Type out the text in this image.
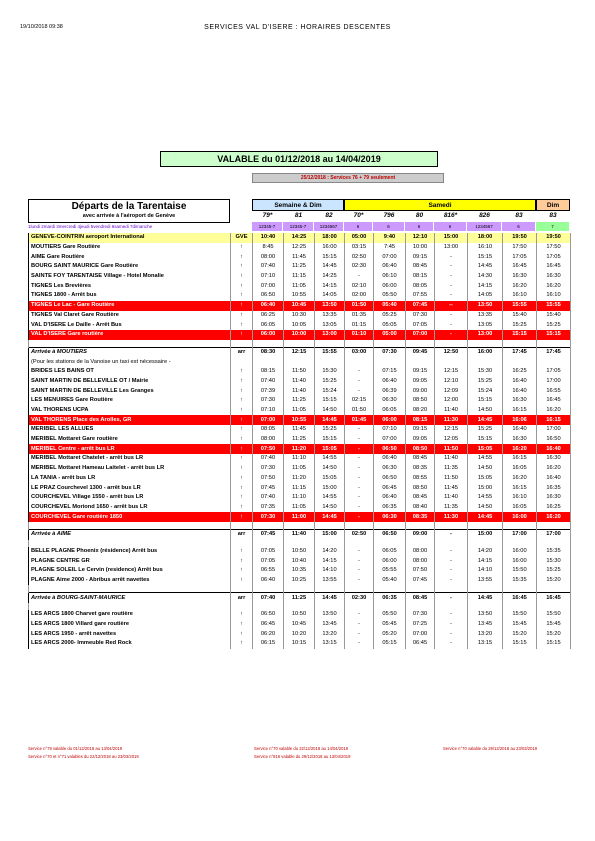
19/10/2018 09:38	SERVICES VAL D'ISERE : HORAIRES DESCENTES
VALABLE du 01/12/2018 au 14/04/2019
25/12/2018 : Services 76 + 79 seulement
Départs de la Tarentaise
avec arrivée à l'aéroport de Genève
Semaine & Dim	Samedi	Dim
1lundi 2mardi 3mercredi 4jeudi 5vendredi 6samedi 7dimanche
GENEVE-COINTRIN aeroport International	GVE	10:40	14:25	18:00	05:00	9:40	12:10	15:00	18:00	19:50	19:50
MOUTIERS Gare Routière	↑	8:45	12:25	16:00	03:15	7:45	10:00	13:00	16:10	17:50	17:50
AIME Gare Routière	↑	08:00	11:45	15:15	02:50	07:00	09:15	-	15:15	17:05	17:05
BOURG SAINT MAURICE Gare Routière	↑	07:40	11:25	14:45	02:30	06:40	08:45	-	14:45	16:45	16:45
SAINTE FOY TARENTAISE Village - Hotel Monalie	↑	07:10	11:15	14:25	-	06:10	08:15	-	14:30	16:30	16:30
TIGNES Les Brevières	↑	07:00	11:05	14:15	02:10	06:00	08:05	-	14:15	16:20	16:20
TIGNES 1800 - Arrêt bus	↑	06:50	10:55	14:05	02:00	05:50	07:55	-	14:05	16:10	16:10
TIGNES Le Lac - Gare Routière	↑	06:40	10:45	13:50	01:50	05:40	07:45	--	13:50	15:55	15:55
TIGNES Val Claret Gare Routière	↑	06:25	10:30	13:35	01:35	05:25	07:30	-	13:35	15:40	15:40
VAL D'ISERE Le Daille - Arrêt Bus	↑	06:05	10:05	13:05	01:15	05:05	07:05	-	13:05	15:25	15:25
VAL D'ISERE Gare routière	↑	06:00	10:00	13:00	01:10	05:00	07:00	-	13:00	15:15	15:15

Arrivée à MOUTIERS	arr	08:30	12:15	15:55	03:00	07:30	09:45	12:50	16:00	17:45	17:45
(Pour les stations de la Vanoise un taxi est nécessaire -											
BRIDES LES BAINS OT	↑	08:15	11:50	15:30	-	07:15	09:15	12:15	15:30	16:25	17:05
SAINT MARTIN DE BELLEVILLE OT / Mairie	↑	07:40	11:40	15:25	-	06:40	09:05	12:10	15:25	16:40	17:00
SAINT MARTIN DE BELLEVILLE Les Granges	↑	07:39	11:40	15:24	-	06:39	09:00	12:09	15:24	16:40	16:55
LES MENUIRES Gare Routière	↑	07:30	11:25	15:15	02:15	06:30	08:50	12:00	15:15	16:30	16:45
VAL THORENS UCPA	↑	07:10	11:05	14:50	01:50	06:05	08:20	11:40	14:50	16:15	16:20
VAL THORENS Place des Arolles, GR	↑	07:00	10:55	14:45	01:45	06:00	08:15	11:30	14:45	16:06	16:15
MERIBEL LES ALLUES	↑	08:05	11:45	15:25	-	07:10	09:15	12:15	15:25	16:40	17:00
MERIBEL Mottaret Gare routière	↑	08:00	11:25	15:15	-	07:00	09:05	12:05	15:15	16:30	16:50
MERIBEL Centre - arrêt bus LR	↑	07:50	11:20	15:05	-	06:50	08:50	11:50	15:05	16:20	16:40
MERIBEL Mottaret Chatelet - arrêt bus LR	↑	07:40	11:10	14:55	-	06:40	08:45	11:40	14:55	16:15	16:30
MERIBEL Mottaret Hameau Laitelet - arrêt bus LR	↑	07:30	11:05	14:50	-	06:30	08:35	11:35	14:50	16:05	16:20
LA TANIA - arrêt bus LR	↑	07:50	11:20	15:05	-	06:50	08:55	11:50	15:05	16:20	16:40
LE PRAZ Courchevel 1300 - arrêt bus LR	↑	07:45	11:15	15:00	-	06:45	08:50	11:45	15:00	16:15	16:35
COURCHEVEL Village 1550 - arrêt bus LR	↑	07:40	11:10	14:55	-	06:40	08:45	11:40	14:55	16:10	16:30
COURCHEVEL Moriond 1650 - arrêt bus LR	↑	07:35	11:05	14:50	-	06:35	08:40	11:35	14:50	16:05	16:25
COURCHEVEL Gare routière 1850	↑	07:30	11:00	14:45	-	06:30	08:35	11:30	14:45	16:00	16:20

Arrivée à AIME	arr	07:45	11:40	15:00	02:50	06:50	09:00	-	15:00	17:00	17:00

BELLE PLAGNE Phoenix (résidence) Arrêt bus	↑	07:05	10:50	14:20	-	06:05	08:00	-	14:20	16:00	15:35
PLAGNE CENTRE GR	↑	07:05	10:40	14:15	-	06:00	08:00	-	14:15	16:00	15:30
PLAGNE SOLEIL Le Cervin (residence) Arrêt bus	↑	06:55	10:35	14:10	-	05:55	07:50	-	14:10	15:50	15:25
PLAGNE Aime 2000 - Abribus arrêt navettes	↑	06:40	10:25	13:55	-	05:40	07:45	-	13:55	15:35	15:20

Arrivée à BOURG-SAINT-MAURICE	arr	07:40	11:25	14:45	02:30	06:35	08:45	-	14:45	16:45	16:45

LES ARCS 1800 Charvet gare routière	↑	06:50	10:50	13:50	-	05:50	07:30	-	13:50	15:50	15:50
LES ARCS 1800 Villard gare routière	↑	06:45	10:45	13:45	-	05:45	07:25	-	13:45	15:45	15:45
LES ARCS 1950 - arrêt navettes	↑	06:20	10:20	13:20	-	05:20	07:00	-	13:20	15:20	15:20
LES ARCS 2000- Immeuble Red Rock	↑	06:15	10:15	13:15	-	05:15	06:45	-	13:15	15:15	15:15
Service n°79 valable du 01/12/2018 au 13/04/2019	Service n°70 valable du 22/12/2018 au 14/04/2019	Service n°70 valable du 29/12/2018 au 23/03/2019
Service n°70 et n°71 valables du 22/12/2018 au 23/03/2019	Service n°816 valable du 29/12/2018 au 13/04/2019
79*	81	82	70*	796	80	816*	826	83	83
12345-7	12345-7	1234567	6	6	6	6	1234567	6	7
